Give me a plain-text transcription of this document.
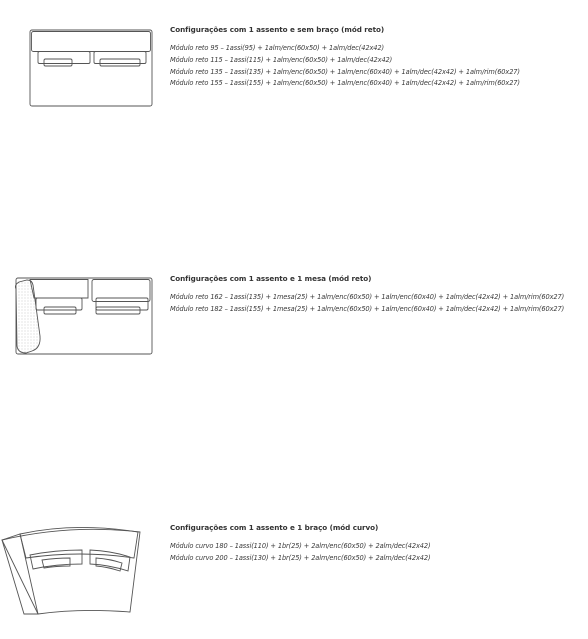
Configurações com 1 assento e sem braço (mód reto)
Módulo reto 95 – 1assi(95) + 1alm/enc(60x50) + 1alm/dec(42x42)
Módulo reto 115 – 1assi(115) + 1alm/enc(60x50) + 1alm/dec(42x42)
Módulo reto 135 – 1assi(135) + 1alm/enc(60x50) + 1alm/enc(60x40) + 1alm/dec(42x42) + 1alm/rim(60x27)
Módulo reto 155 – 1assi(155) + 1alm/enc(60x50) + 1alm/enc(60x40) + 1alm/dec(42x42) + 1alm/rim(60x27)
Configurações com 1 assento e 1 mesa (mód reto)
Módulo reto 162 – 1assi(135) + 1mesa(25) + 1alm/enc(60x50) + 1alm/enc(60x40) + 1alm/dec(42x42) + 1alm/rim(60x27)
Módulo reto 182 – 1assi(155) + 1mesa(25) + 1alm/enc(60x50) + 1alm/enc(60x40) + 1alm/dec(42x42) + 1alm/rim(60x27)
Configurações com 1 assento e 1 braço (mód curvo)
Módulo curvo 180 – 1assi(110) + 1br(25) + 2alm/enc(60x50) + 2alm/dec(42x42)
Módulo curvo 200 – 1assi(130) + 1br(25) + 2alm/enc(60x50) + 2alm/dec(42x42)
